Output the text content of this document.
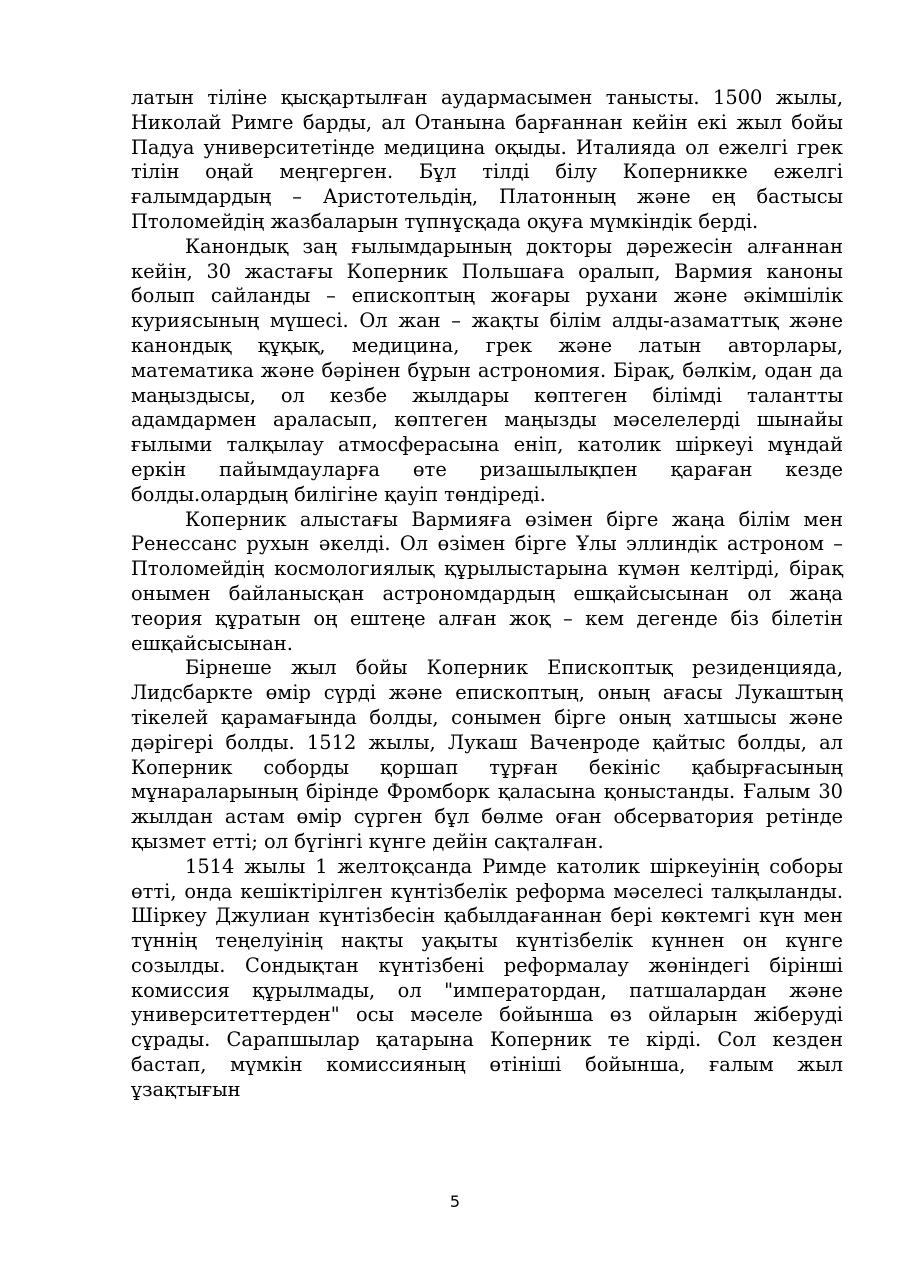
латын тіліне қысқартылған аудармасымен танысты. 1500 жылы, Николай Римге барды, ал Отанына барғаннан кейін екі жыл бойы Падуа университетінде медицина оқыды. Италияда ол ежелгі грек тілін оңай меңгерген. Бұл тілді білу Коперникке ежелгі ғалымдардың – Аристотельдің, Платонның және ең бастысы Птоломейдің жазбаларын түпнұсқада оқуға мүмкіндік берді.

Канондық заң ғылымдарының докторы дәрежесін алғаннан кейін, 30 жастағы Коперник Польшаға оралып, Вармия каноны болып сайланды – епископтың жоғары рухани және әкімшілік куриясының мүшесі. Ол жан – жақты білім алды-азаматтық және канондық құқық, медицина, грек және латын авторлары, математика және бәрінен бұрын астрономия. Бірақ, бәлкім, одан да маңыздысы, ол кезбе жылдары көптеген білімді талантты адамдармен араласып, көптеген маңызды мәселелерді шынайы ғылыми талқылау атмосферасына еніп, католик шіркеуі мұндай еркін пайымдауларға өте ризашылықпен қараған кезде болды.олардың билігіне қауіп төндіреді.

Коперник алыстағы Вармияға өзімен бірге жаңа білім мен Ренессанс рухын әкелді. Ол өзімен бірге Ұлы эллиндік астроном – Птоломейдің космологиялық құрылыстарына күмән келтірді, бірақ онымен байланысқан астрономдардың ешқайсысынан ол жаңа теория құратын оң ештеңе алған жоқ – кем дегенде біз білетін ешқайсысынан.

Бірнеше жыл бойы Коперник Епископтық резиденцияда, Лидсбаркте өмір сүрді және епископтың, оның ағасы Лукаштың тікелей қарамағында болды, сонымен бірге оның хатшысы және дәрігері болды. 1512 жылы, Лукаш Ваченроде қайтыс болды, ал Коперник соборды қоршап тұрған бекініс қабырғасының мұнараларының бірінде Фромборк қаласына қоныстанды. Ғалым 30 жылдан астам өмір сүрген бұл бөлме оған обсерватория ретінде қызмет етті; ол бүгінгі күнге дейін сақталған.

1514 жылы 1 желтоқсанда Римде католик шіркеуінің соборы өтті, онда кешіктірілген күнтізбелік реформа мәселесі талқыланды. Шіркеу Джулиан күнтізбесін қабылдағаннан бері көктемгі күн мен түннің теңелуінің нақты уақыты күнтізбелік күннен он күнге созылды. Сондықтан күнтізбені реформалау жөніндегі бірінші комиссия құрылмады, ол "императордан, патшалардан және университеттерден" осы мәселе бойынша өз ойларын жіберуді сұрады. Сарапшылар қатарына Коперник те кірді. Сол кезден бастап, мүмкін комиссияның өтініші бойынша, ғалым жыл ұзақтығын

5
